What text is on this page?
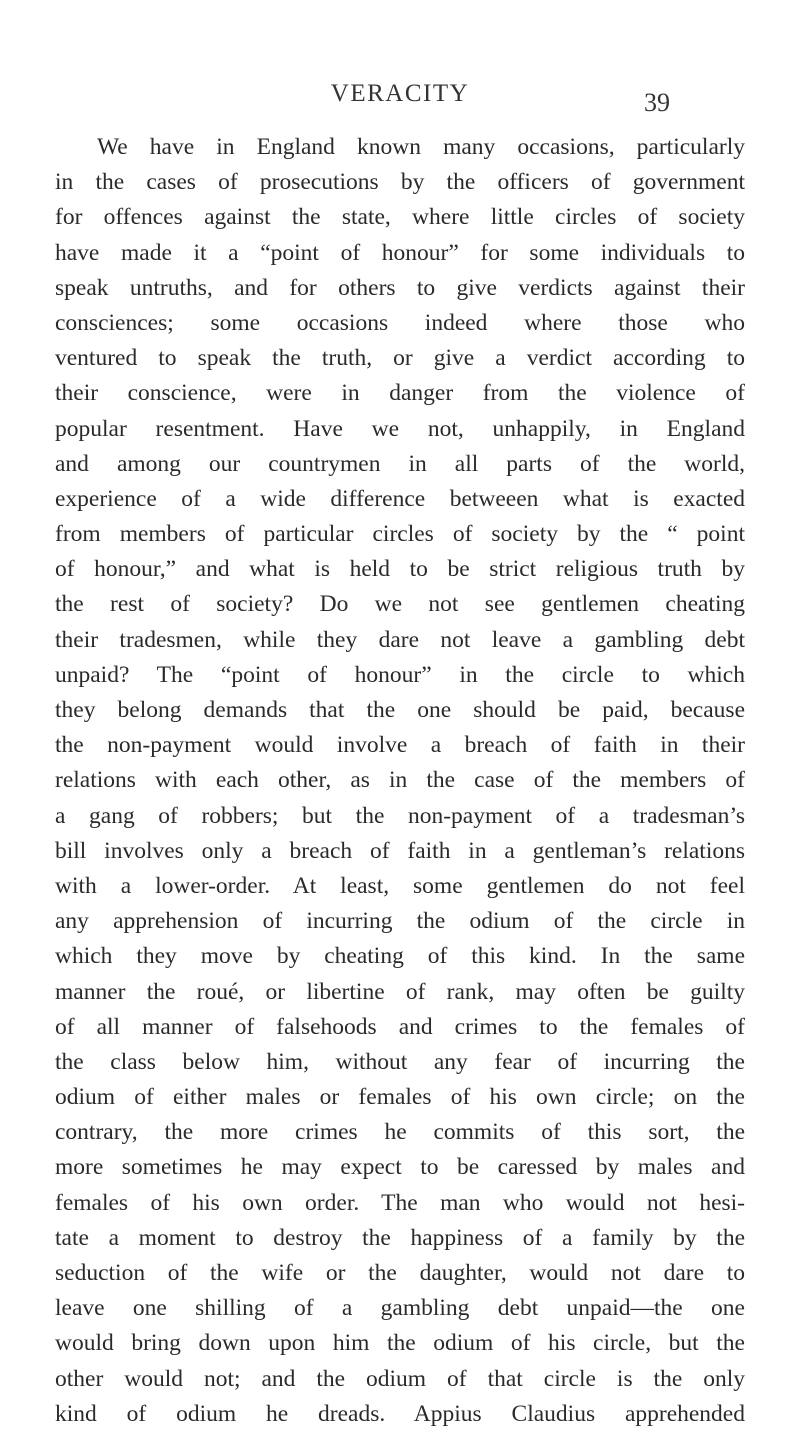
VERACITY	39
We have in England known many occasions, particularly
in the cases of prosecutions by the officers of government
for offences against the state, where little circles of society
have made it a “point of honour” for some individuals to
speak untruths, and for others to give verdicts against their
consciences; some occasions indeed where those who
ventured to speak the truth, or give a verdict according to
their conscience, were in danger from the violence of
popular resentment. Have we not, unhappily, in England
and among our countrymen in all parts of the world,
experience of a wide difference betweeen what is exacted
from members of particular circles of society by the “ point
of honour,” and what is held to be strict religious truth by
the rest of society? Do we not see gentlemen cheating
their tradesmen, while they dare not leave a gambling debt
unpaid? The “point of honour” in the circle to which
they belong demands that the one should be paid, because
the non-payment would involve a breach of faith in their
relations with each other, as in the case of the members of
a gang of robbers; but the non-payment of a tradesman’s
bill involves only a breach of faith in a gentleman’s relations
with a lower-order. At least, some gentlemen do not feel
any apprehension of incurring the odium of the circle in
which they move by cheating of this kind. In the same
manner the roué, or libertine of rank, may often be guilty
of all manner of falsehoods and crimes to the females of
the class below him, without any fear of incurring the
odium of either males or females of his own circle; on the
contrary, the more crimes he commits of this sort, the
more sometimes he may expect to be caressed by males and
females of his own order. The man who would not hesi-
tate a moment to destroy the happiness of a family by the
seduction of the wife or the daughter, would not dare to
leave one shilling of a gambling debt unpaid—the one
would bring down upon him the odium of his circle, but the
other would not; and the odium of that circle is the only
kind of odium he dreads. Appius Claudius apprehended
